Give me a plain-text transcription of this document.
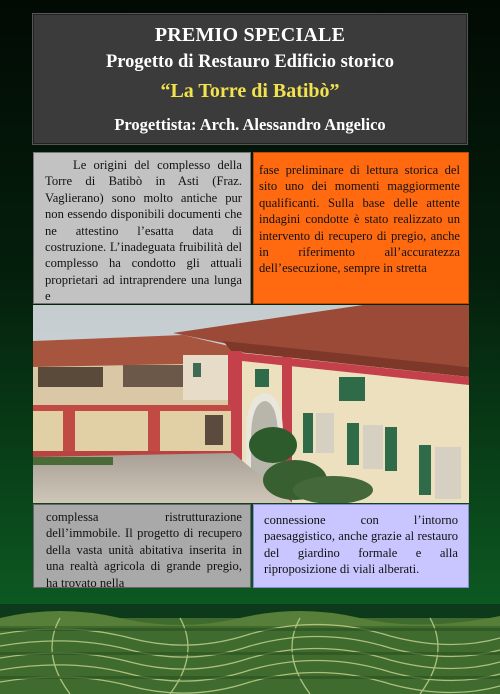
PREMIO SPECIALE
Progetto di Restauro Edificio storico
“La Torre di Batibò”
Progettista: Arch. Alessandro Angelico
Le origini del complesso della Torre di Batibò in Asti (Fraz. Vaglierano) sono molto antiche pur non essendo disponibili documenti che ne attestino l’esatta data di costruzione. L’inadeguata fruibilità del complesso ha condotto gli attuali proprietari ad intraprendere una lunga e
fase preliminare di lettura storica del sito uno dei momenti maggiormente qualificanti. Sulla base delle attente indagini condotte è stato realizzato un intervento di recupero di pregio, anche in riferimento all’accuratezza dell’esecuzione, sempre in stretta
complessa ristrutturazione dell’immobile. Il progetto di recupero della vasta unità abitativa inserita in una realtà agricola di grande pregio, ha trovato nella
connessione con l’intorno paesaggistico, anche grazie al restauro del giardino formale e alla riproposizione di viali alberati.
